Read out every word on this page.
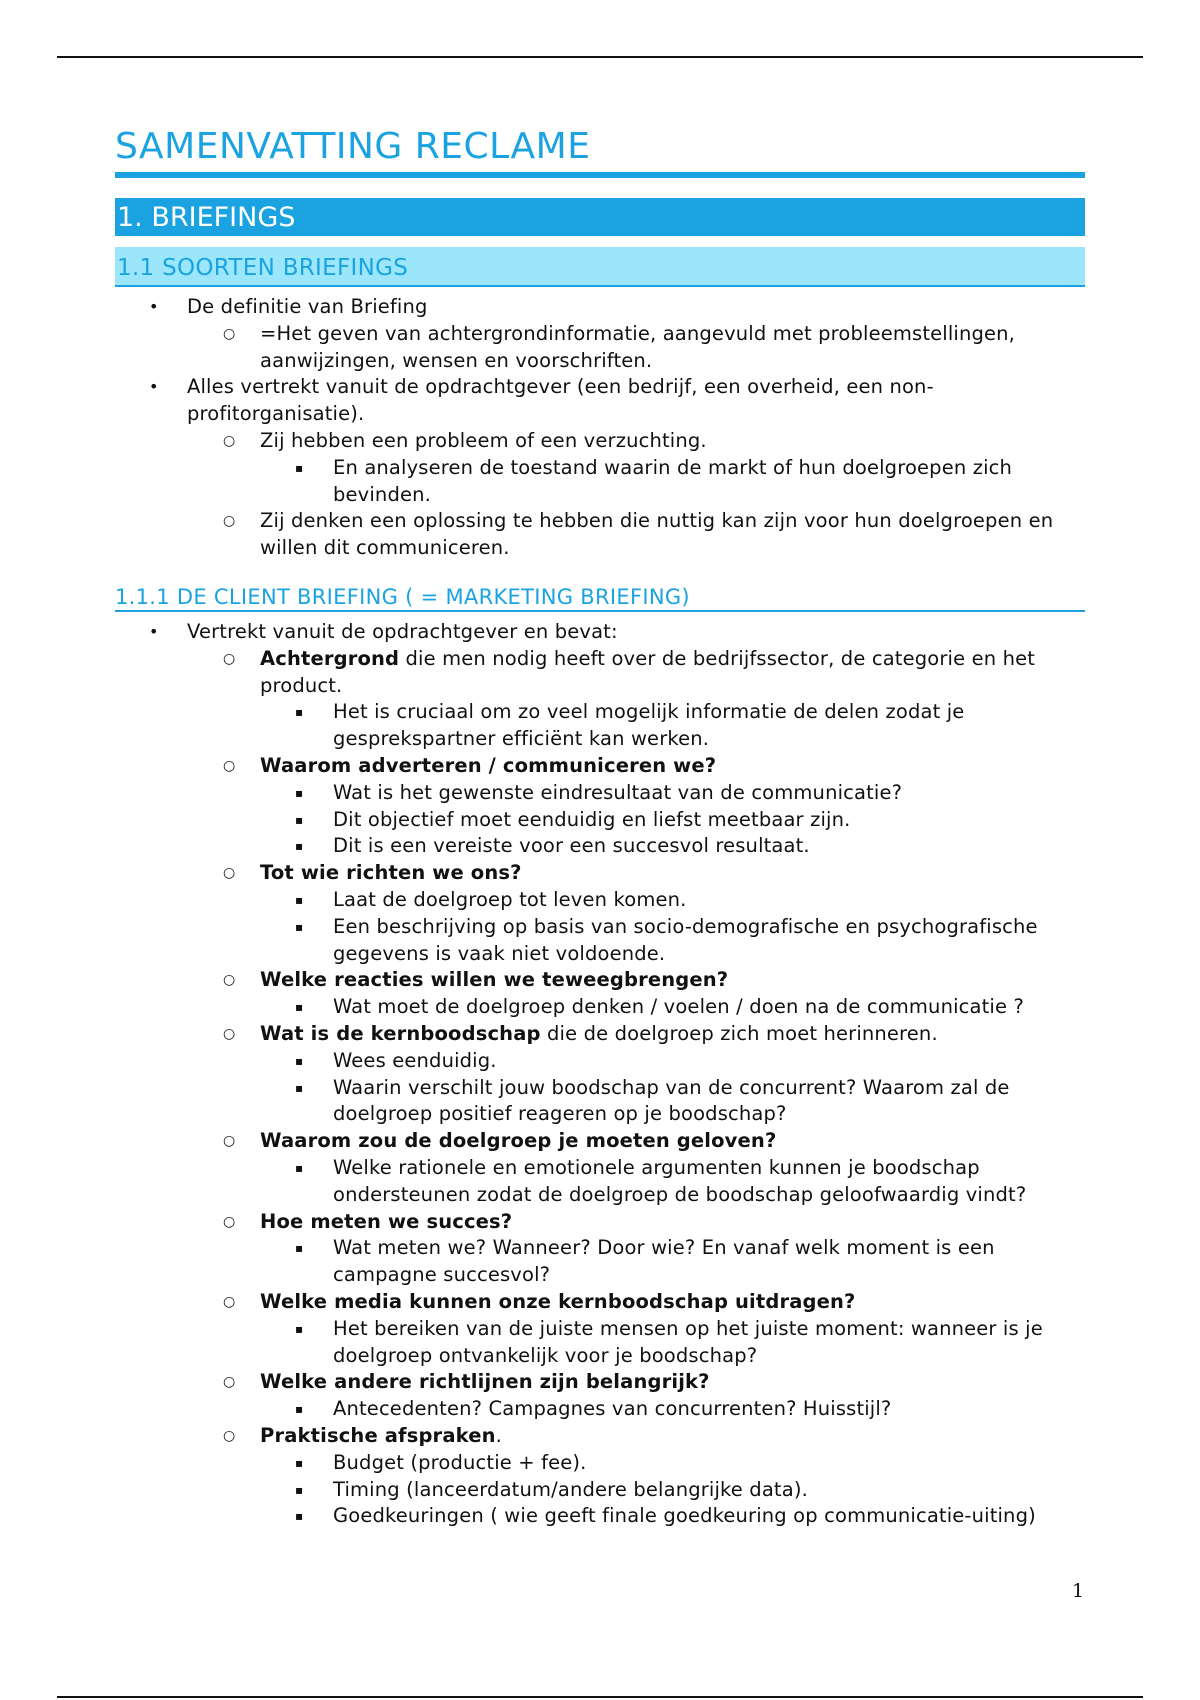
SAMENVATTING RECLAME
1. BRIEFINGS
1.1 SOORTEN BRIEFINGS
• De definitie van Briefing
○ =Het geven van achtergrondinformatie, aangevuld met probleemstellingen, aanwijzingen, wensen en voorschriften.
• Alles vertrekt vanuit de opdrachtgever (een bedrijf, een overheid, een non-profitorganisatie).
○ Zij hebben een probleem of een verzuchting.
▪ En analyseren de toestand waarin de markt of hun doelgroepen zich bevinden.
○ Zij denken een oplossing te hebben die nuttig kan zijn voor hun doelgroepen en willen dit communiceren.
1.1.1 DE CLIENT BRIEFING ( = MARKETING BRIEFING)
• Vertrekt vanuit de opdrachtgever en bevat:
○ Achtergrond die men nodig heeft over de bedrijfssector, de categorie en het product.
▪ Het is cruciaal om zo veel mogelijk informatie de delen zodat je gesprekspartner efficiënt kan werken.
○ Waarom adverteren / communiceren we?
▪ Wat is het gewenste eindresultaat van de communicatie?
▪ Dit objectief moet eenduidig en liefst meetbaar zijn.
▪ Dit is een vereiste voor een succesvol resultaat.
○ Tot wie richten we ons?
▪ Laat de doelgroep tot leven komen.
▪ Een beschrijving op basis van socio-demografische en psychografische gegevens is vaak niet voldoende.
○ Welke reacties willen we teweegbrengen?
▪ Wat moet de doelgroep denken / voelen / doen na de communicatie ?
○ Wat is de kernboodschap die de doelgroep zich moet herinneren.
▪ Wees eenduidig.
▪ Waarin verschilt jouw boodschap van de concurrent? Waarom zal de doelgroep positief reageren op je boodschap?
○ Waarom zou de doelgroep je moeten geloven?
▪ Welke rationele en emotionele argumenten kunnen je boodschap ondersteunen zodat de doelgroep de boodschap geloofwaardig vindt?
○ Hoe meten we succes?
▪ Wat meten we? Wanneer? Door wie? En vanaf welk moment is een campagne succesvol?
○ Welke media kunnen onze kernboodschap uitdragen?
▪ Het bereiken van de juiste mensen op het juiste moment: wanneer is je doelgroep ontvankelijk voor je boodschap?
○ Welke andere richtlijnen zijn belangrijk?
▪ Antecedenten? Campagnes van concurrenten? Huisstijl?
○ Praktische afspraken.
▪ Budget (productie + fee).
▪ Timing (lanceerdatum/andere belangrijke data).
▪ Goedkeuringen ( wie geeft finale goedkeuring op communicatie-uiting)
1
